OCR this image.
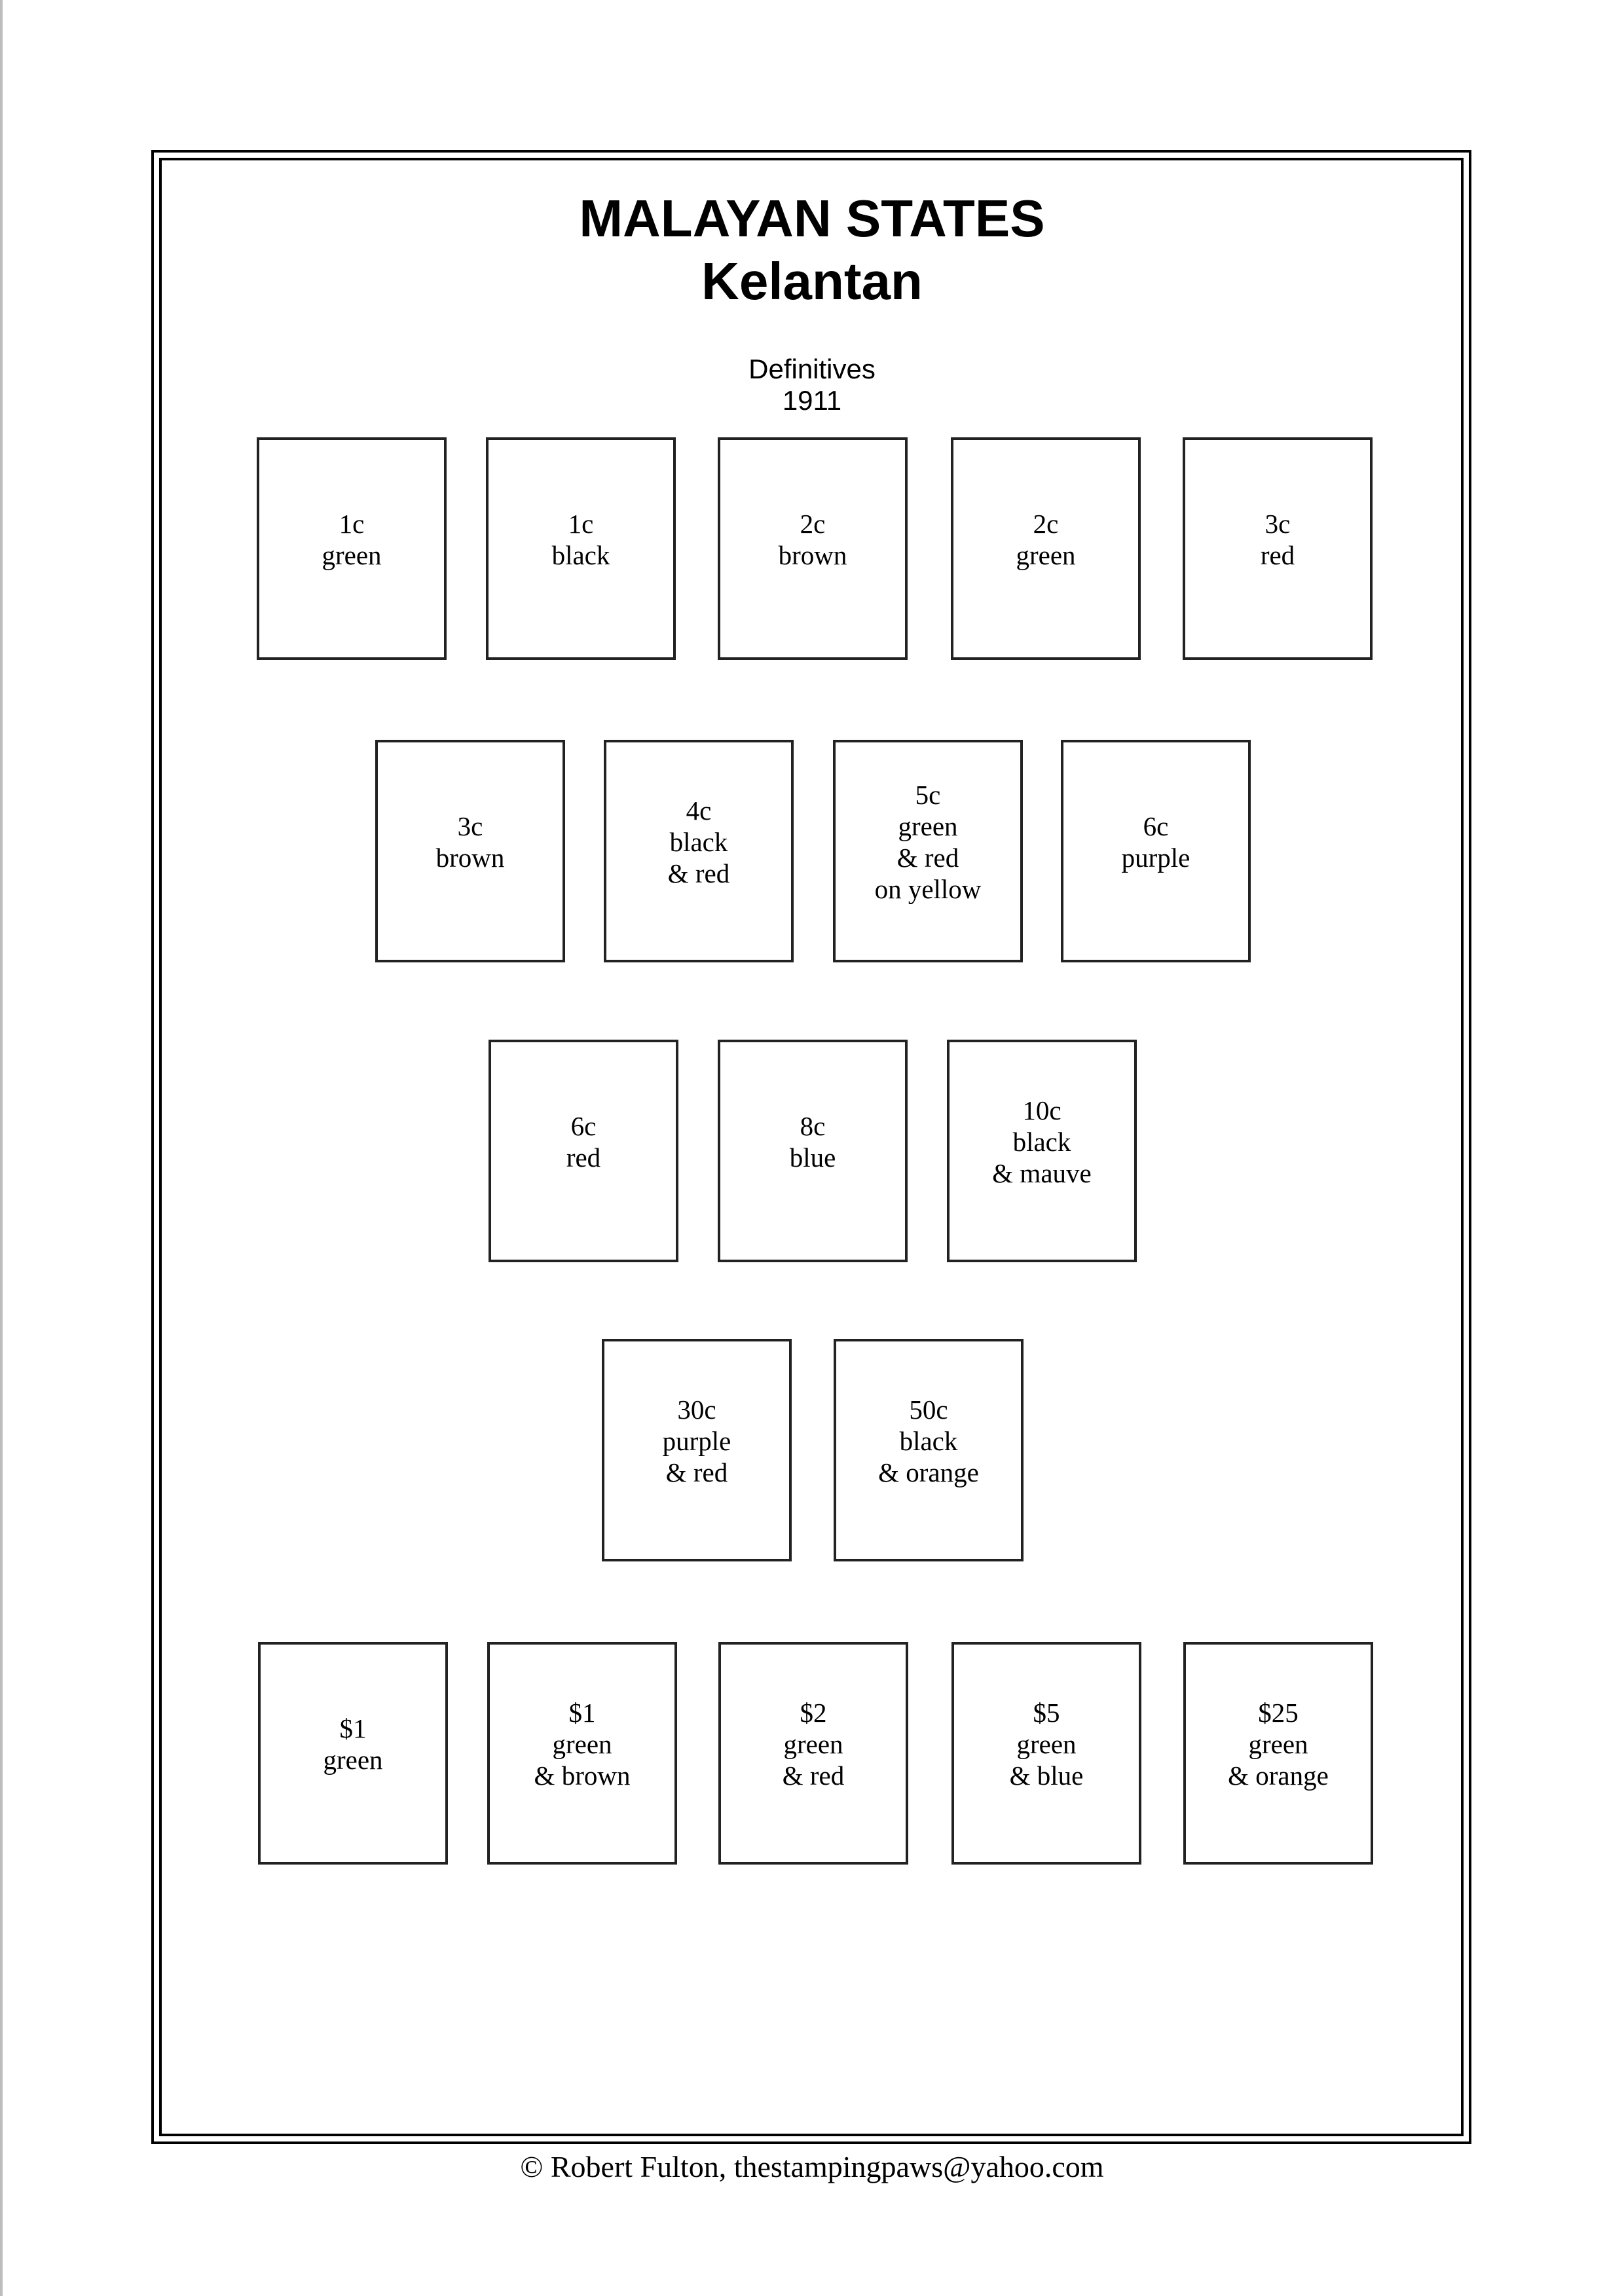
MALAYAN STATES
Kelantan
Definitives
1911
1c
green
1c
black
2c
brown
2c
green
3c
red
3c
brown
4c
black
& red
5c
green
& red
on yellow
6c
purple
6c
red
8c
blue
10c
black
& mauve
30c
purple
& red
50c
black
& orange
$1
green
$1
green
& brown
$2
green
& red
$5
green
& blue
$25
green
& orange
© Robert Fulton, thestampingpaws@yahoo.com
